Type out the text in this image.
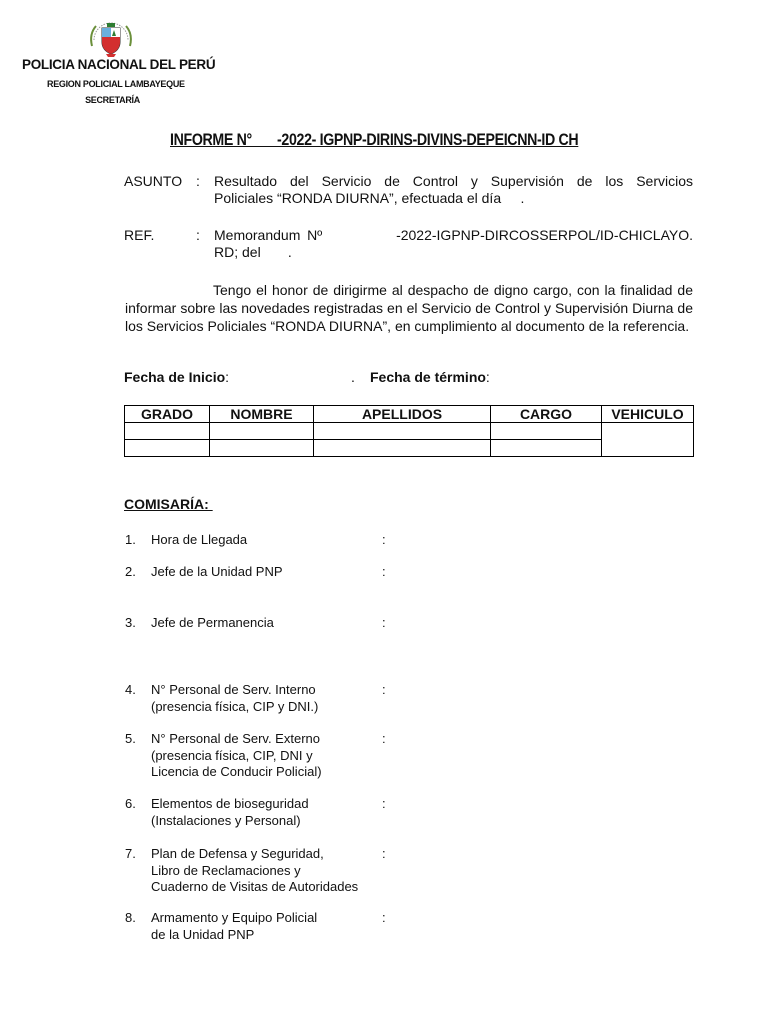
POLICIA NACIONAL DEL PERÚ
REGION POLICIAL LAMBAYEQUE
SECRETARÍA
INFORME N°       -2022- IGPNP-DIRINS-DIVINS-DEPEICNN-ID CH
ASUNTO : Resultado del Servicio de Control y Supervisión de los Servicios
Policiales “RONDA DIURNA”, efectuada el día     .
REF.	: Memorandum Nº           -2022-IGPNP-DIRCOSSERPOL/ID-CHICLAYO.
RD; del       .
Tengo el honor de dirigirme al despacho de digno cargo, con la finalidad de informar sobre las novedades registradas en el Servicio de Control y Supervisión Diurna de los Servicios Policiales “RONDA DIURNA”, en cumplimiento al documento de la referencia.
Fecha de Inicio:	. Fecha de término:
GRADO	NOMBRE	APELLIDOS	CARGO	VEHICULO

COMISARÍA:
1. Hora de Llegada	:
2. Jefe de la Unidad PNP	:
3. Jefe de Permanencia	:
4. N° Personal de Serv. Interno
(presencia física, CIP y DNI.)
:
5. N° Personal de Serv. Externo
(presencia física, CIP, DNI y
Licencia de Conducir Policial)
:
6. Elementos de bioseguridad
(Instalaciones y Personal)
:
7. Plan de Defensa y Seguridad,
Libro de Reclamaciones y
Cuaderno de Visitas de Autoridades
:
8. Armamento y Equipo Policial
de la Unidad PNP
:
